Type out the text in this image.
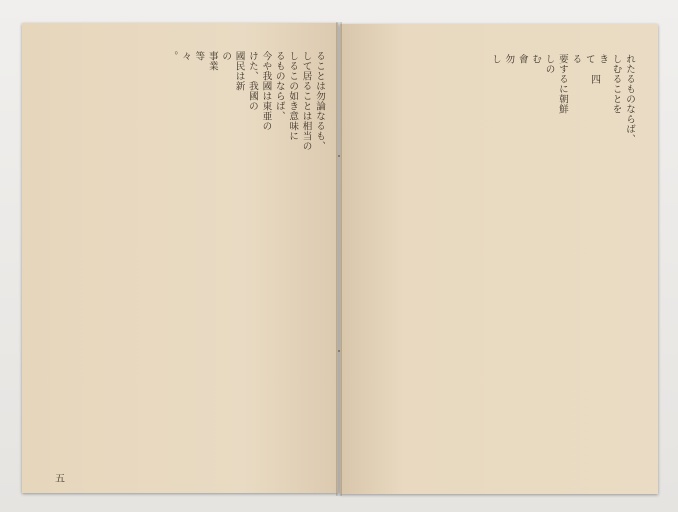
ることは勿論なるも、
して居ることは相当の
しるこの如き意味に
るものならば、
今や我國は東亜の
けた、我國の
國民は新
の
事業
等
々
。
五
れたるものならば、
しむることを
き
て
る
要するに朝鮮
しの
む
會
勿
し
四
